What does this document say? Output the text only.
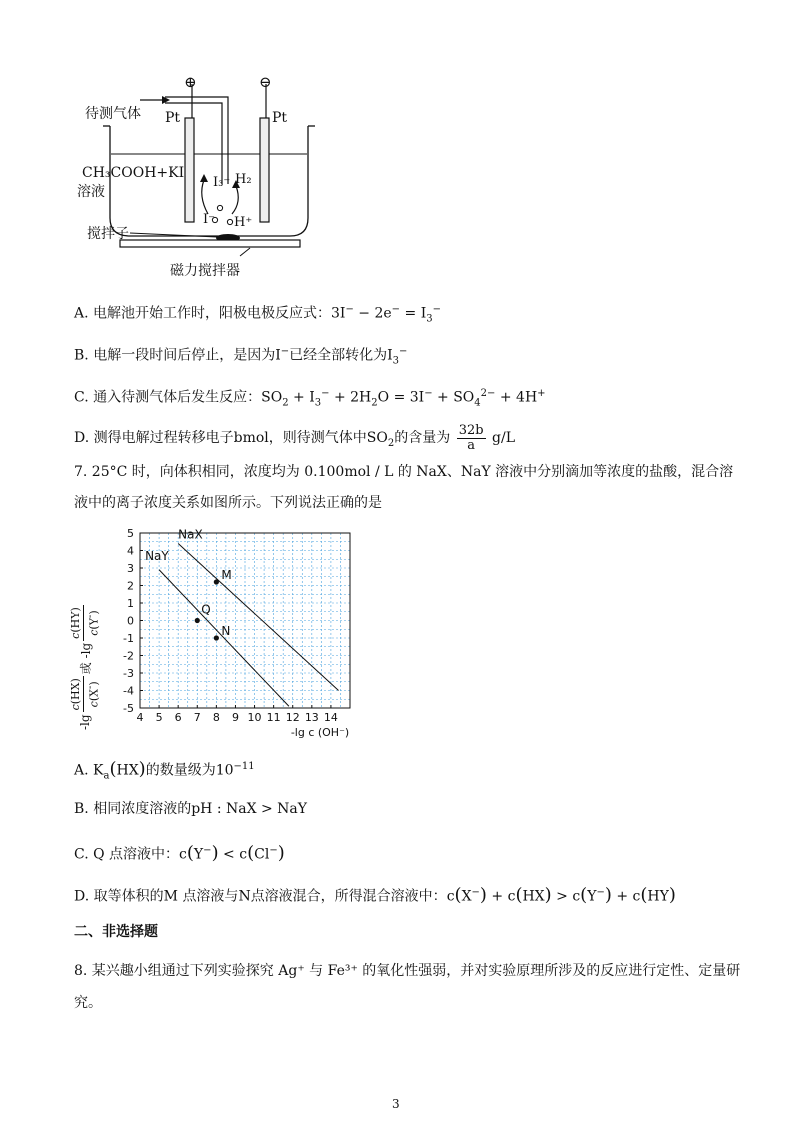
⊕	⊖
待测气体 Pt	Pt
CH₃COOH+KI
溶液
I₃⁻ H₂
I⁻ H⁺
搅拌子
磁力搅拌器
A. 电解池开始工作时，阳极电极反应式：$3I^- - 2e^- = I_3^-$
B. 电解一段时间后停止，是因为I−已经全部转化为$I_3^-$
C. 通入待测气体后发生反应：$SO_2 + I_3^- + 2H_2O = 3I^- + SO_4^{2-} + 4H^+$
D. 测得电解过程转移电子bmol，则待测气体中$SO_2$的含量为 $\frac{32b}{a} g/L$
7. 25°C 时，向体积相同，浓度均为 0.100mol / L 的 NaX、NaY 溶液中分别滴加等浓度的盐酸，混合溶
液中的离子浓度关系如图所示。下列说法正确的是
NaX
NaY
M
Q
N
4 5 6 7 8 9 10 11 12 13 14
5
4
3
2
1
0
-1
-2
-3
-4
-5
-lg c (OH⁻)
-lg
c(HX) c(X-)
或 -lg
c(HY) c(Y-)
A. $K_a(HX)$的数量级为$10^{-11}$
B. 相同浓度溶液的pH : NaX > NaY
C. Q 点溶液中：c(Y−) < c(Cl−)
D. 取等体积的M 点溶液与N点溶液混合，所得混合溶液中：c(X−) + c(HX) > c(Y−) + c(HY)
二、非选择题
8. 某兴趣小组通过下列实验探究 Ag⁺ 与 Fe³⁺ 的氧化性强弱，并对实验原理所涉及的反应进行定性、定量研
究。
3
